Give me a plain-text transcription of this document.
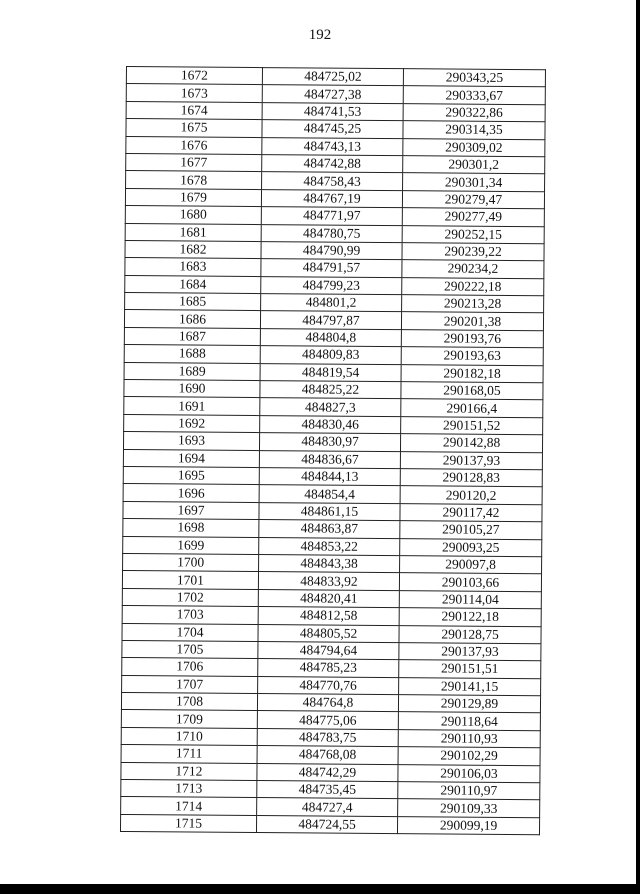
192
1672	484725,02	290343,25
1673	484727,38	290333,67
1674	484741,53	290322,86
1675	484745,25	290314,35
1676	484743,13	290309,02
1677	484742,88	290301,2
1678	484758,43	290301,34
1679	484767,19	290279,47
1680	484771,97	290277,49
1681	484780,75	290252,15
1682	484790,99	290239,22
1683	484791,57	290234,2
1684	484799,23	290222,18
1685	484801,2	290213,28
1686	484797,87	290201,38
1687	484804,8	290193,76
1688	484809,83	290193,63
1689	484819,54	290182,18
1690	484825,22	290168,05
1691	484827,3	290166,4
1692	484830,46	290151,52
1693	484830,97	290142,88
1694	484836,67	290137,93
1695	484844,13	290128,83
1696	484854,4	290120,2
1697	484861,15	290117,42
1698	484863,87	290105,27
1699	484853,22	290093,25
1700	484843,38	290097,8
1701	484833,92	290103,66
1702	484820,41	290114,04
1703	484812,58	290122,18
1704	484805,52	290128,75
1705	484794,64	290137,93
1706	484785,23	290151,51
1707	484770,76	290141,15
1708	484764,8	290129,89
1709	484775,06	290118,64
1710	484783,75	290110,93
1711	484768,08	290102,29
1712	484742,29	290106,03
1713	484735,45	290110,97
1714	484727,4	290109,33
1715	484724,55	290099,19
